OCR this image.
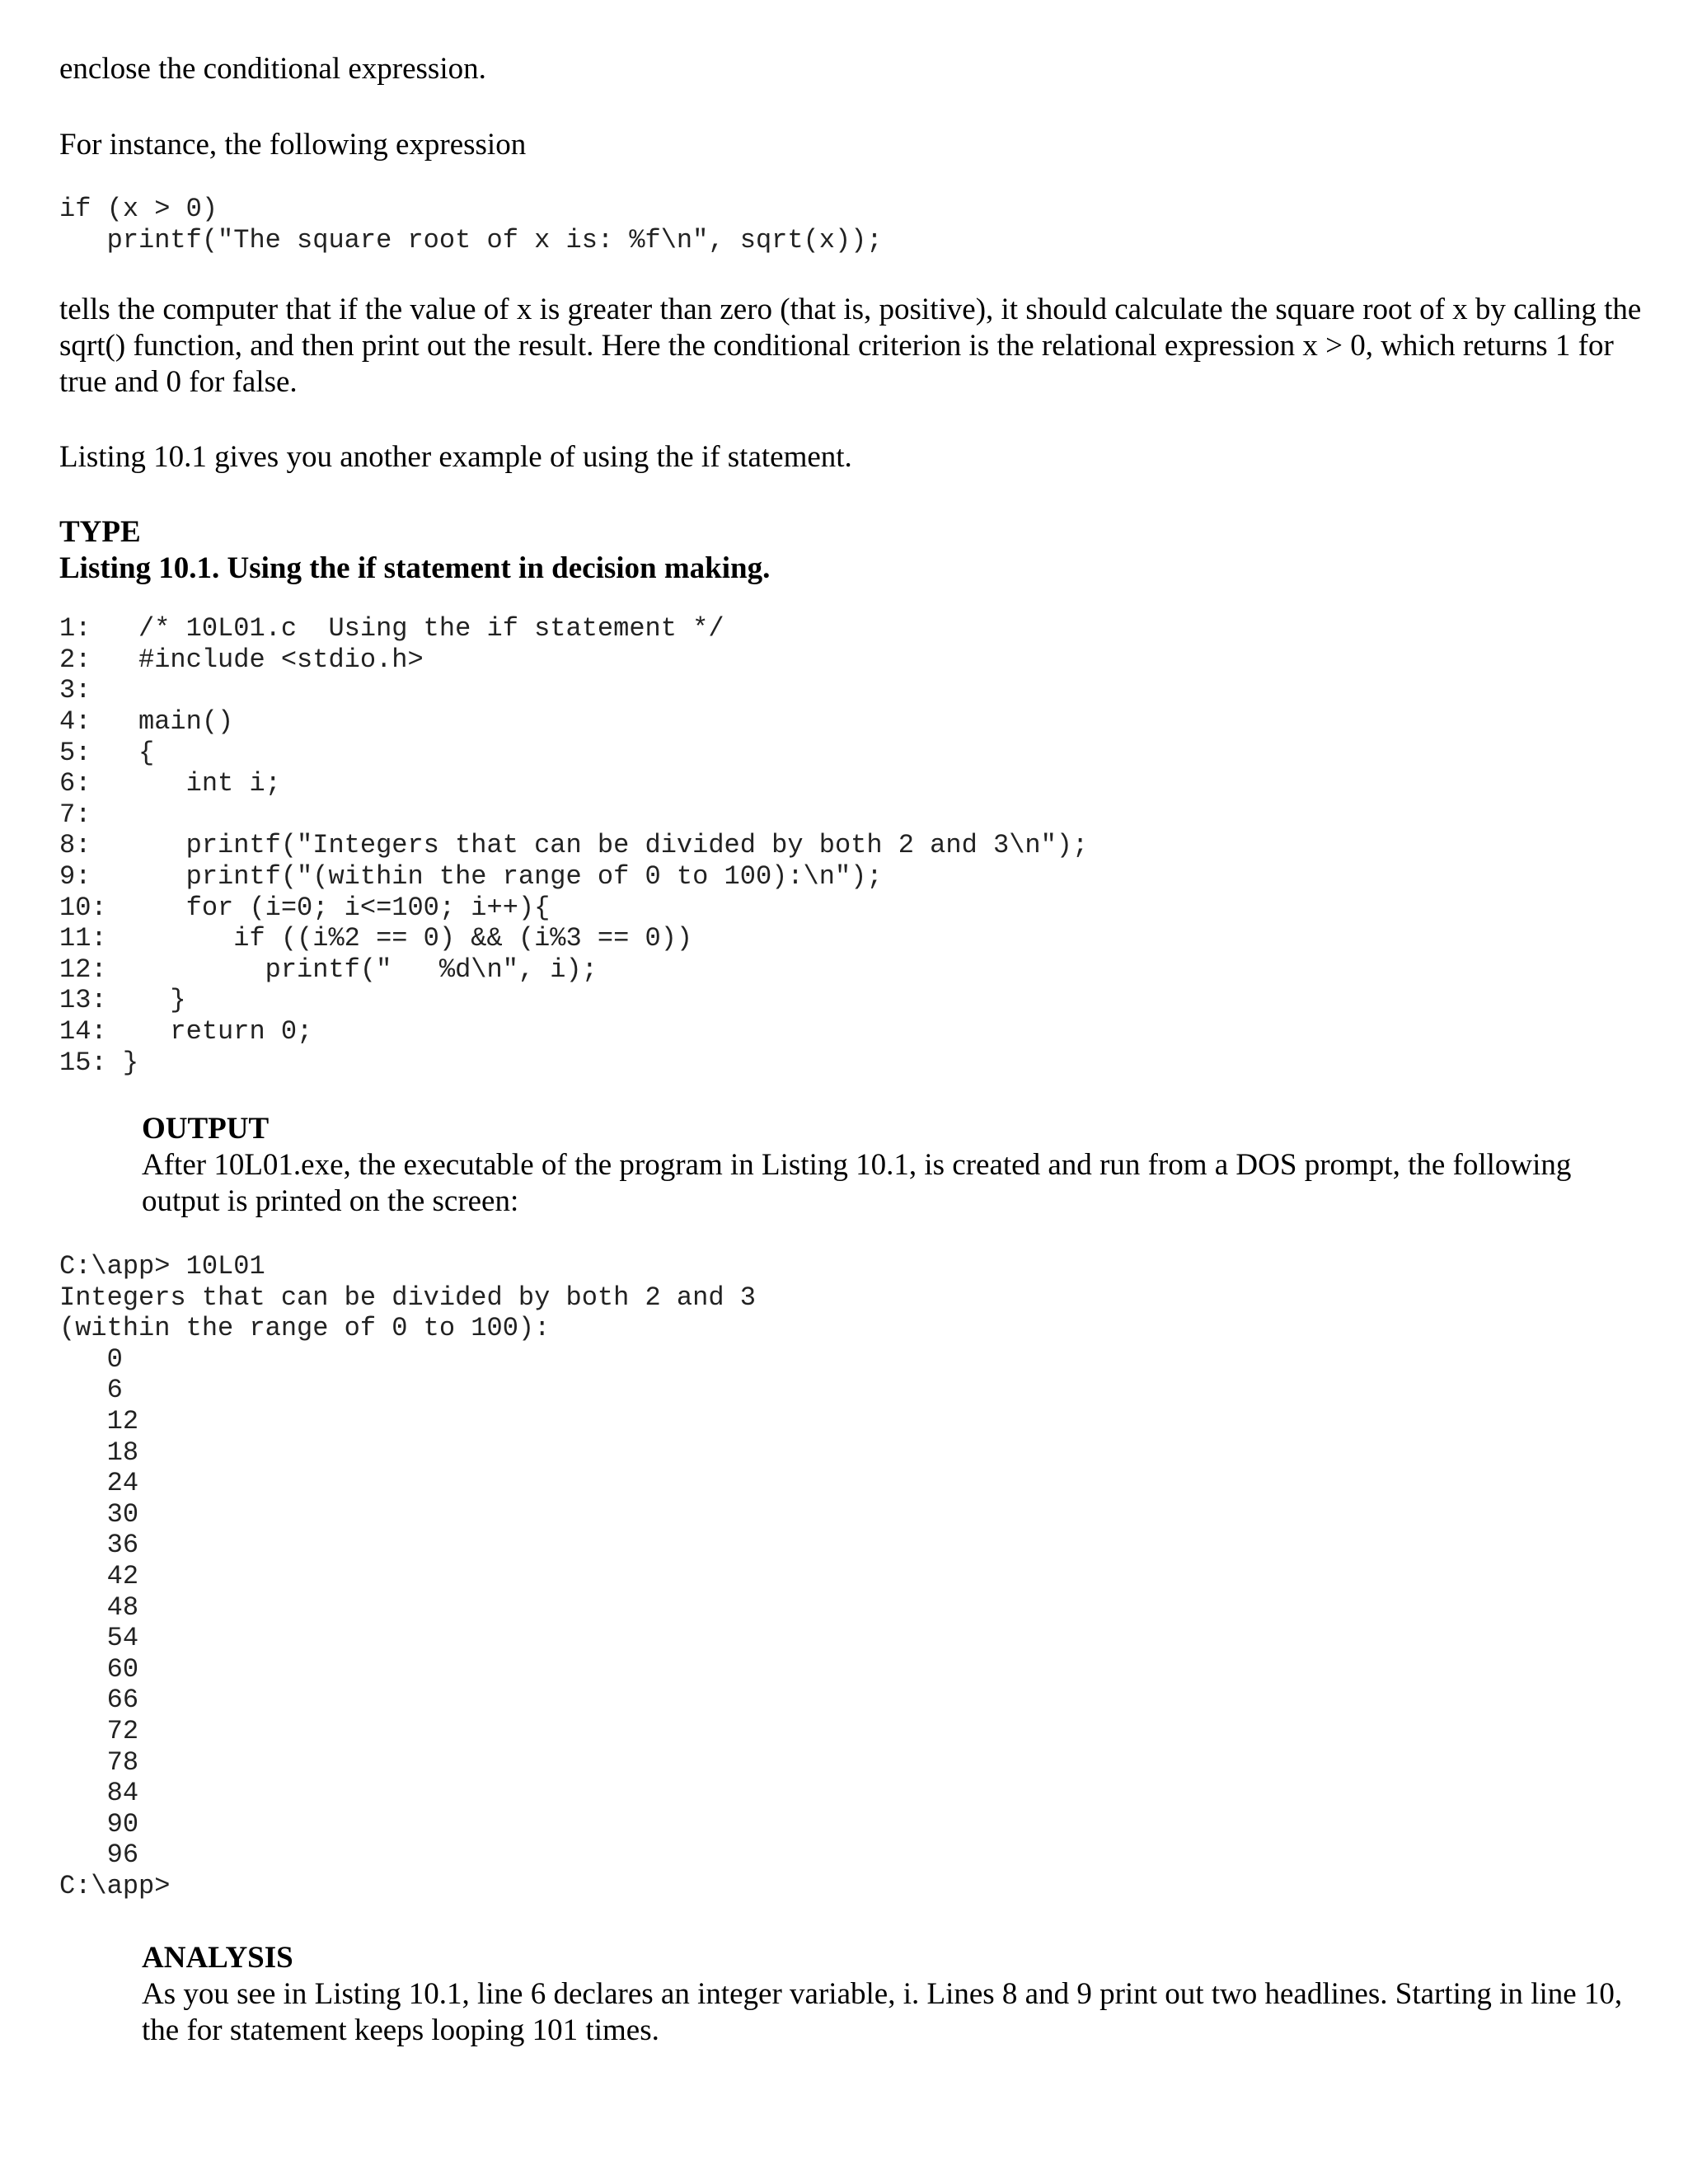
enclose the conditional expression.

For instance, the following expression

if (x > 0)
printf("The square root of x is: %f\n", sqrt(x));

tells the computer that if the value of x is greater than zero (that is, positive), it should calculate the square root of x by calling the sqrt() function, and then print out the result. Here the conditional criterion is the relational expression x > 0, which returns 1 for true and 0 for false.

Listing 10.1 gives you another example of using the if statement.

TYPE

Listing 10.1. Using the if statement in decision making.

1:   /* 10L01.c  Using the if statement */
2:   #include <stdio.h>
3:
4:   main()
5:   {
6:      int i;
7:
8:      printf("Integers that can be divided by both 2 and 3\n");
9:      printf("(within the range of 0 to 100):\n");
10:     for (i=0; i<=100; i++){
11:        if ((i%2 == 0) && (i%3 == 0))
12:          printf("   %d\n", i);
13:    }
14:    return 0;
15: }

OUTPUT

After 10L01.exe, the executable of the program in Listing 10.1, is created and run from a DOS prompt, the following output is printed on the screen:

C:\app> 10L01
Integers that can be divided by both 2 and 3
(within the range of 0 to 100):
0
6
12
18
24
30
36
42
48
54
60
66
72
78
84
90
96
C:\app>

ANALYSIS

As you see in Listing 10.1, line 6 declares an integer variable, i. Lines 8 and 9 print out two headlines. Starting in line 10, the for statement keeps looping 101 times.
